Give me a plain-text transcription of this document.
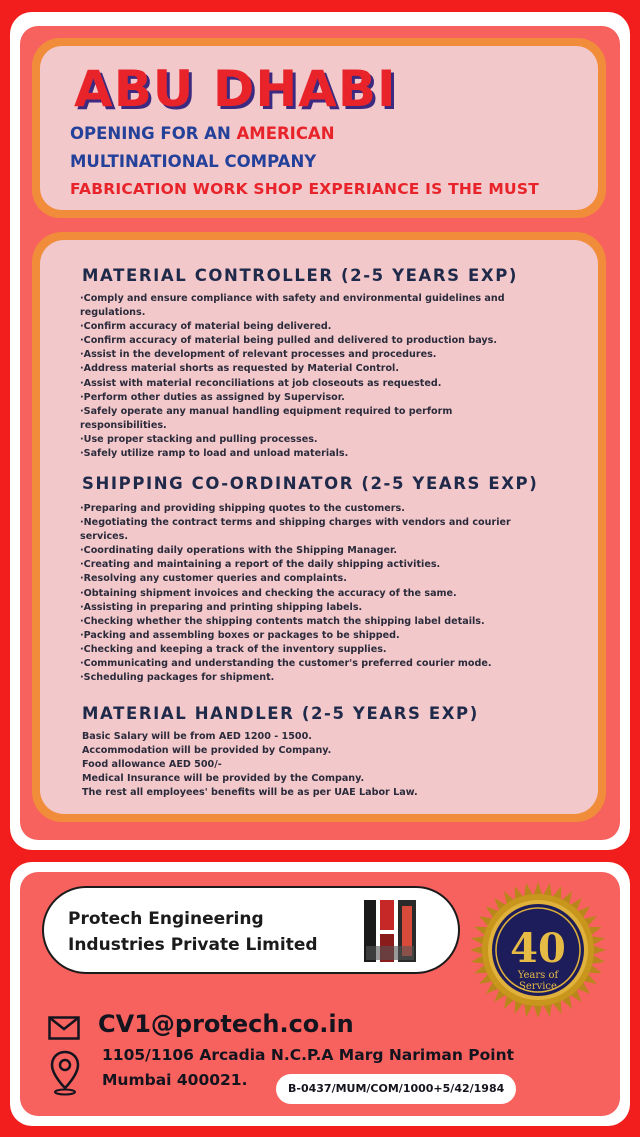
ABU DHABI
OPENING FOR AN AMERICAN
MULTINATIONAL COMPANY
FABRICATION WORK SHOP EXPERIANCE IS THE MUST
MATERIAL CONTROLLER (2-5 YEARS EXP)
· Comply and ensure compliance with safety and environmental guidelines and regulations.
· Confirm accuracy of material being delivered.
· Confirm accuracy of material being pulled and delivered to production bays.
· Assist in the development of relevant processes and procedures.
· Address material shorts as requested by Material Control.
· Assist with material reconciliations at job closeouts as requested.
· Perform other duties as assigned by Supervisor.
· Safely operate any manual handling equipment required to perform responsibilities.
· Use proper stacking and pulling processes.
· Safely utilize ramp to load and unload materials.
SHIPPING CO-ORDINATOR (2-5 YEARS EXP)
· Preparing and providing shipping quotes to the customers.
· Negotiating the contract terms and shipping charges with vendors and courier services.
· Coordinating daily operations with the Shipping Manager.
· Creating and maintaining a report of the daily shipping activities.
· Resolving any customer queries and complaints.
· Obtaining shipment invoices and checking the accuracy of the same.
· Assisting in preparing and printing shipping labels.
· Checking whether the shipping contents match the shipping label details.
· Packing and assembling boxes or packages to be shipped.
· Checking and keeping a track of the inventory supplies.
· Communicating and understanding the customer's preferred courier mode.
· Scheduling packages for shipment.
MATERIAL HANDLER (2-5 YEARS EXP)
Basic Salary will be from AED 1200 - 1500.
Accommodation will be provided by Company.
Food allowance AED 500/-
Medical Insurance will be provided by the Company.
The rest all employees' benefits will be as per UAE Labor Law.
Protech Engineering
Industries Private Limited	40
Years of
Service
CV1@protech.co.in
1105/1106 Arcadia N.C.P.A Marg Nariman Point
Mumbai 400021.	B-0437/MUM/COM/1000+5/42/1984
